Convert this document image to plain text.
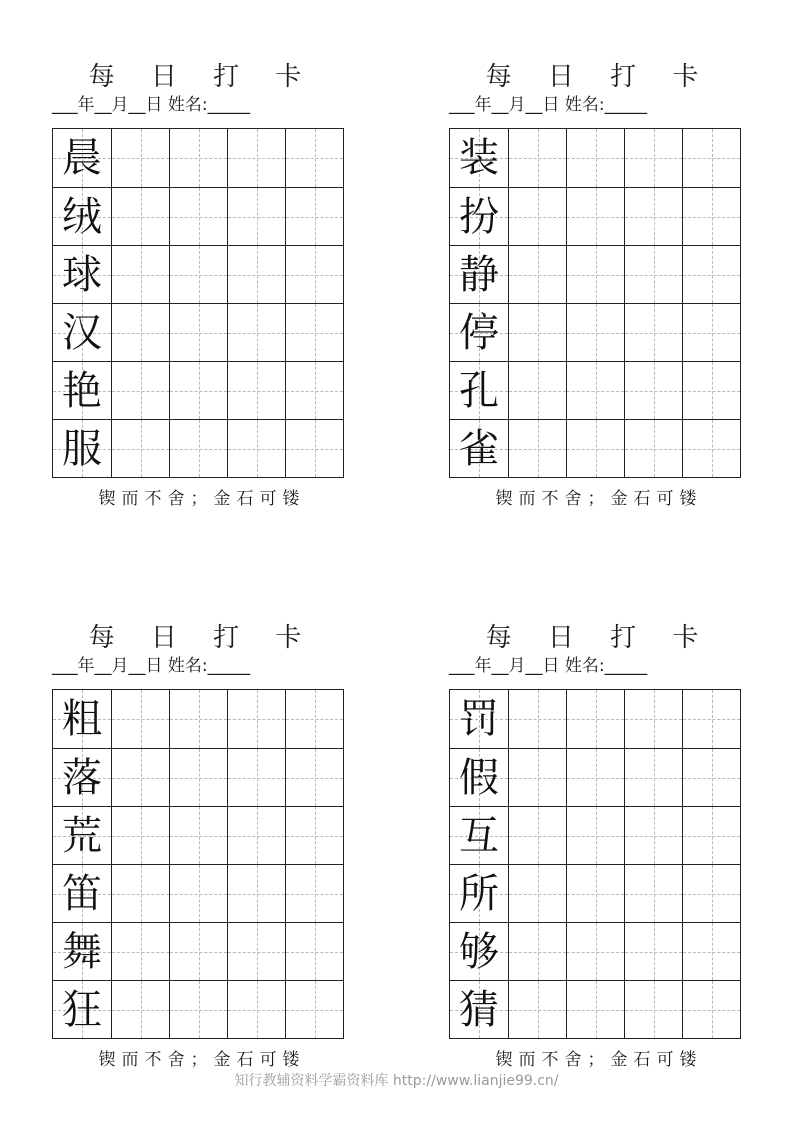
每 日 打 卡
___年__月__日 姓名:_____
晨
绒
球
汉
艳
服
锲而不舍；金石可镂
每 日 打 卡
___年__月__日 姓名:_____
装
扮
静
停
孔
雀
锲而不舍；金石可镂
每 日 打 卡
___年__月__日 姓名:_____
粗
落
荒
笛
舞
狂
锲而不舍；金石可镂
每 日 打 卡
___年__月__日 姓名:_____
罚
假
互
所
够
猜
锲而不舍；金石可镂
知行教辅资料学霸资料库 http://www.lianjie99.cn/
